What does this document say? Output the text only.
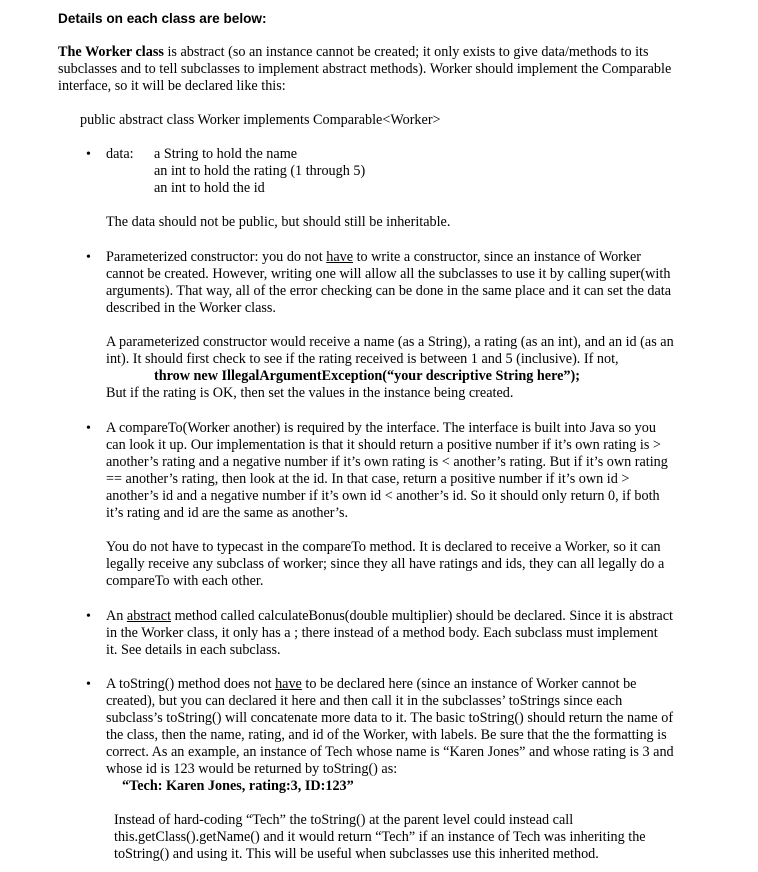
Details on each class are below:
The Worker class is abstract (so an instance cannot be created; it only exists to give data/methods to its
subclasses and to tell subclasses to implement abstract methods). Worker should implement the Comparable
interface, so it will be declared like this:
public abstract class Worker implements Comparable<Worker>
• data: a String to hold the name
an int to hold the rating (1 through 5)
an int to hold the id
The data should not be public, but should still be inheritable.
• Parameterized constructor: you do not have to write a constructor, since an instance of Worker
cannot be created. However, writing one will allow all the subclasses to use it by calling super(with
arguments). That way, all of the error checking can be done in the same place and it can set the data
described in the Worker class.
A parameterized constructor would receive a name (as a String), a rating (as an int), and an id (as an
int). It should first check to see if the rating received is between 1 and 5 (inclusive). If not,
throw new IllegalArgumentException(“your descriptive String here”);
But if the rating is OK, then set the values in the instance being created.
• A compareTo(Worker another) is required by the interface. The interface is built into Java so you
can look it up. Our implementation is that it should return a positive number if it’s own rating is >
another’s rating and a negative number if it’s own rating is < another’s rating. But if it’s own rating
== another’s rating, then look at the id. In that case, return a positive number if it’s own id >
another’s id and a negative number if it’s own id < another’s id. So it should only return 0, if both
it’s rating and id are the same as another’s.
You do not have to typecast in the compareTo method. It is declared to receive a Worker, so it can
legally receive any subclass of worker; since they all have ratings and ids, they can all legally do a
compareTo with each other.
• An abstract method called calculateBonus(double multiplier) should be declared. Since it is abstract
in the Worker class, it only has a ; there instead of a method body. Each subclass must implement
it. See details in each subclass.
• A toString() method does not have to be declared here (since an instance of Worker cannot be
created), but you can declared it here and then call it in the subclasses’ toStrings since each
subclass’s toString() will concatenate more data to it. The basic toString() should return the name of
the class, then the name, rating, and id of the Worker, with labels. Be sure that the the formatting is
correct. As an example, an instance of Tech whose name is “Karen Jones” and whose rating is 3 and
whose id is 123 would be returned by toString() as:
“Tech: Karen Jones, rating:3, ID:123”
Instead of hard-coding “Tech” the toString() at the parent level could instead call
this.getClass().getName() and it would return “Tech” if an instance of Tech was inheriting the
toString() and using it. This will be useful when subclasses use this inherited method.
